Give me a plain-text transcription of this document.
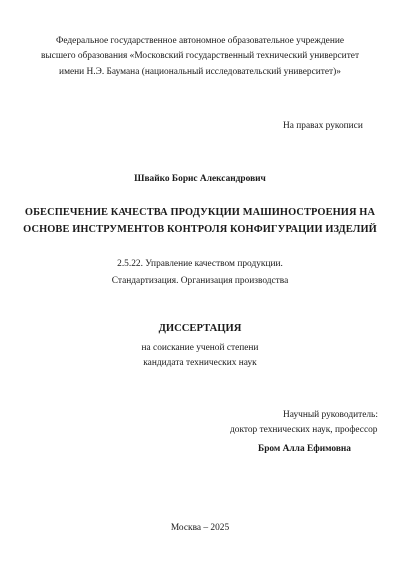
Федеральное государственное автономное образовательное учреждение
высшего образования «Московский государственный технический университет
имени Н.Э. Баумана (национальный исследовательский университет)»
На правах рукописи
Швайко Борис Александрович
ОБЕСПЕЧЕНИЕ КАЧЕСТВА ПРОДУКЦИИ МАШИНОСТРОЕНИЯ НА
ОСНОВЕ ИНСТРУМЕНТОВ КОНТРОЛЯ КОНФИГУРАЦИИ ИЗДЕЛИЙ
2.5.22. Управление качеством продукции.
Стандартизация. Организация производства
ДИССЕРТАЦИЯ
на соискание ученой степени
кандидата технических наук
Научный руководитель:
доктор технических наук, профессор
Бром Алла Ефимовна
Москва – 2025
